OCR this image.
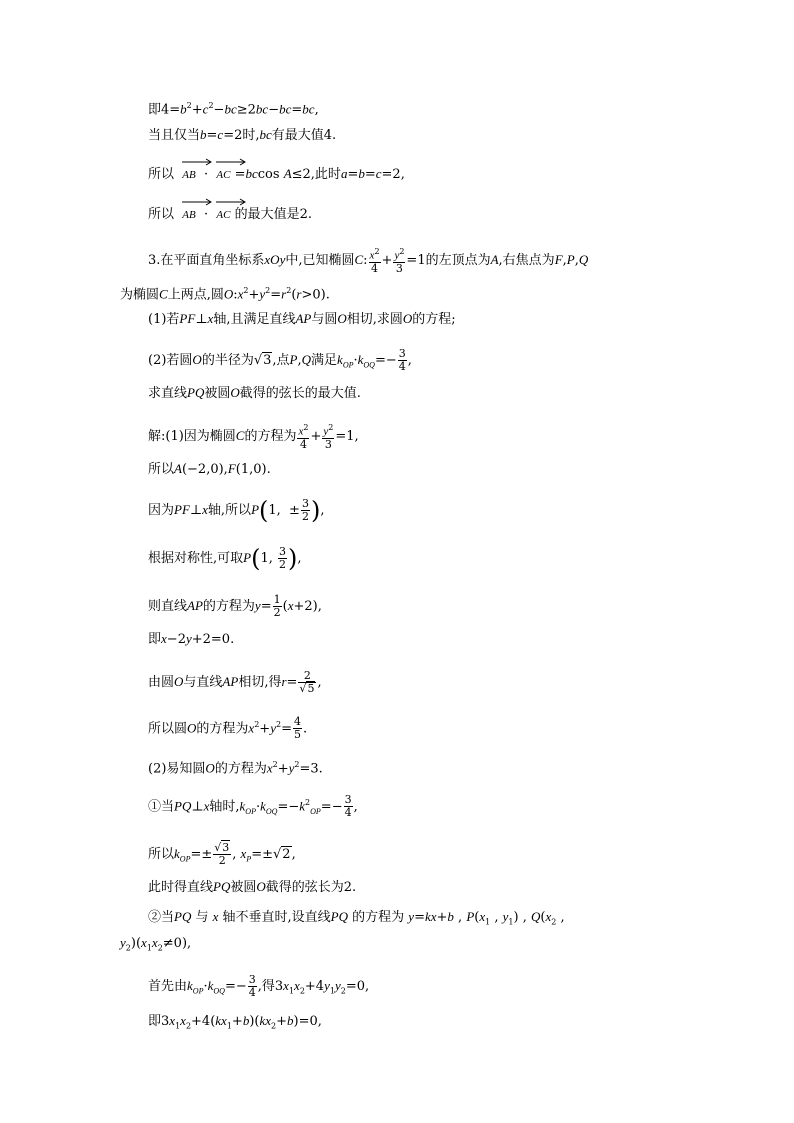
即$4=b^2+c^2-bc\ge 2bc-bc=bc$,
当且仅当b=c=2时,bc有最大值4.
所以
AB  ·
AC =bccos A≤2,此时a=b=c=2,
所以
AB  ·
AC 的最大值是2.
3.在平面直角坐标系xOy中,已知椭圆C: $\frac{x^2}{4} + \frac{y^2}{3} =1$的左顶点为A,右焦点为F,P,Q
为椭圆C上两点,圆$O:x^2+y^2=r^2(r>0)$.
(1)若PF⊥x轴,且满足直线AP与圆O相切,求圆O的方程;
(2)若圆O的半径为√3,点P,Q满足$k_{OP}\cdot k_{OQ}=- \frac{3}{4}$ ,
求直线PQ被圆O截得的弦长的最大值.
解:(1)因为椭圆C的方程为 $\frac{x^2}{4} + \frac{y^2}{3} =1$,
所以A(−2,0),F(1,0).
因为PF⊥x轴,所以P(1,  ± $\frac{3}{2}$ ),
根据对称性,可取P(1, $\frac{3}{2}$ ),
则直线AP的方程为$y= \frac{1}{2} (x+2)$,
即x−2y+2=0.
由圆O与直线AP相切,得$r= \frac{2}{√5}$ ,
所以圆O的方程为$x^2+y^2= \frac{4}{5}$ .
(2)易知圆O的方程为$x^2+y^2=3$.
①当PQ⊥x轴时$,k_{OP}\cdot k_{OQ}=-k^2_{OP}=- \frac{3}{4}$ ,
所以$k_{OP}=\pm \frac{√3}{2}$ , $x_P=\pm√2$,
此时得直线PQ被圆O截得的弦长为2.
②当PQ 与 x 轴不垂直时,设直线PQ 的方程为 y=kx+b , $P(x_1$ , $y_1$) , $Q(x_2$ ,
$y_2)(x_1x_2\ne 0)$,
首先由$k_{OP}\cdot k_{OQ}=- \frac{3}{4}$ ,得$3x_1x_2+4y_1y_2=0$,
即$3x_1x_2+4(kx_1+b)(kx_2+b)=0$,
